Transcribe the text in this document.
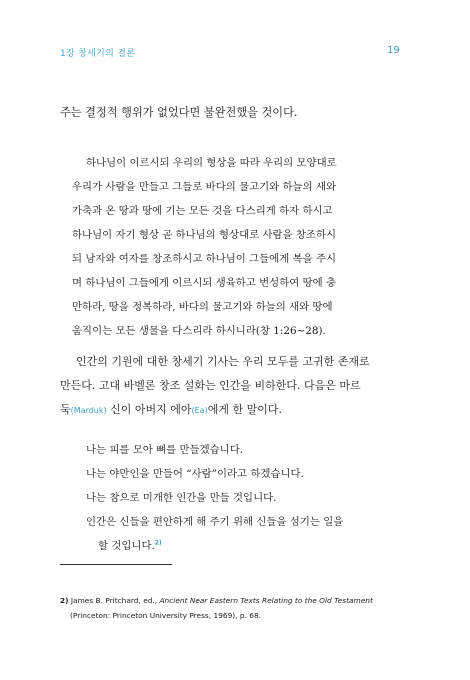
1장 창세기의 결론	19
주는 결정적 행위가 없었다면 불완전했을 것이다.
하나님이 이르시되 우리의 형상을 따라 우리의 모양대로
우리가 사람을 만들고 그들로 바다의 물고기와 하늘의 새와
가축과 온 땅과 땅에 기는 모든 것을 다스리게 하자 하시고
하나님이 자기 형상 곧 하나님의 형상대로 사람을 창조하시
되 남자와 여자를 창조하시고 하나님이 그들에게 복을 주시
며 하나님이 그들에게 이르시되 생육하고 번성하여 땅에 충
만하라, 땅을 정복하라, 바다의 물고기와 하늘의 새와 땅에
움직이는 모든 생물을 다스리라 하시니라(창 1:26~28).
인간의 기원에 대한 창세기 기사는 우리 모두를 고귀한 존재로
만든다. 고대 바벨론 창조 설화는 인간을 비하한다. 다음은 마르
둑(Marduk) 신이 아버지 에아(Ea)에게 한 말이다.
나는 피를 모아 뼈를 만들겠습니다.
나는 야만인을 만들어 “사람”이라고 하겠습니다.
나는 참으로 미개한 인간을 만들 것입니다.
인간은 신들을 편안하게 해 주기 위해 신들을 섬기는 일을
할 것입니다.$^{2)}$
2) James B. Pritchard, ed., Ancient Near Eastern Texts Relating to the Old Testament
(Princeton: Princeton University Press, 1969), p. 68.
